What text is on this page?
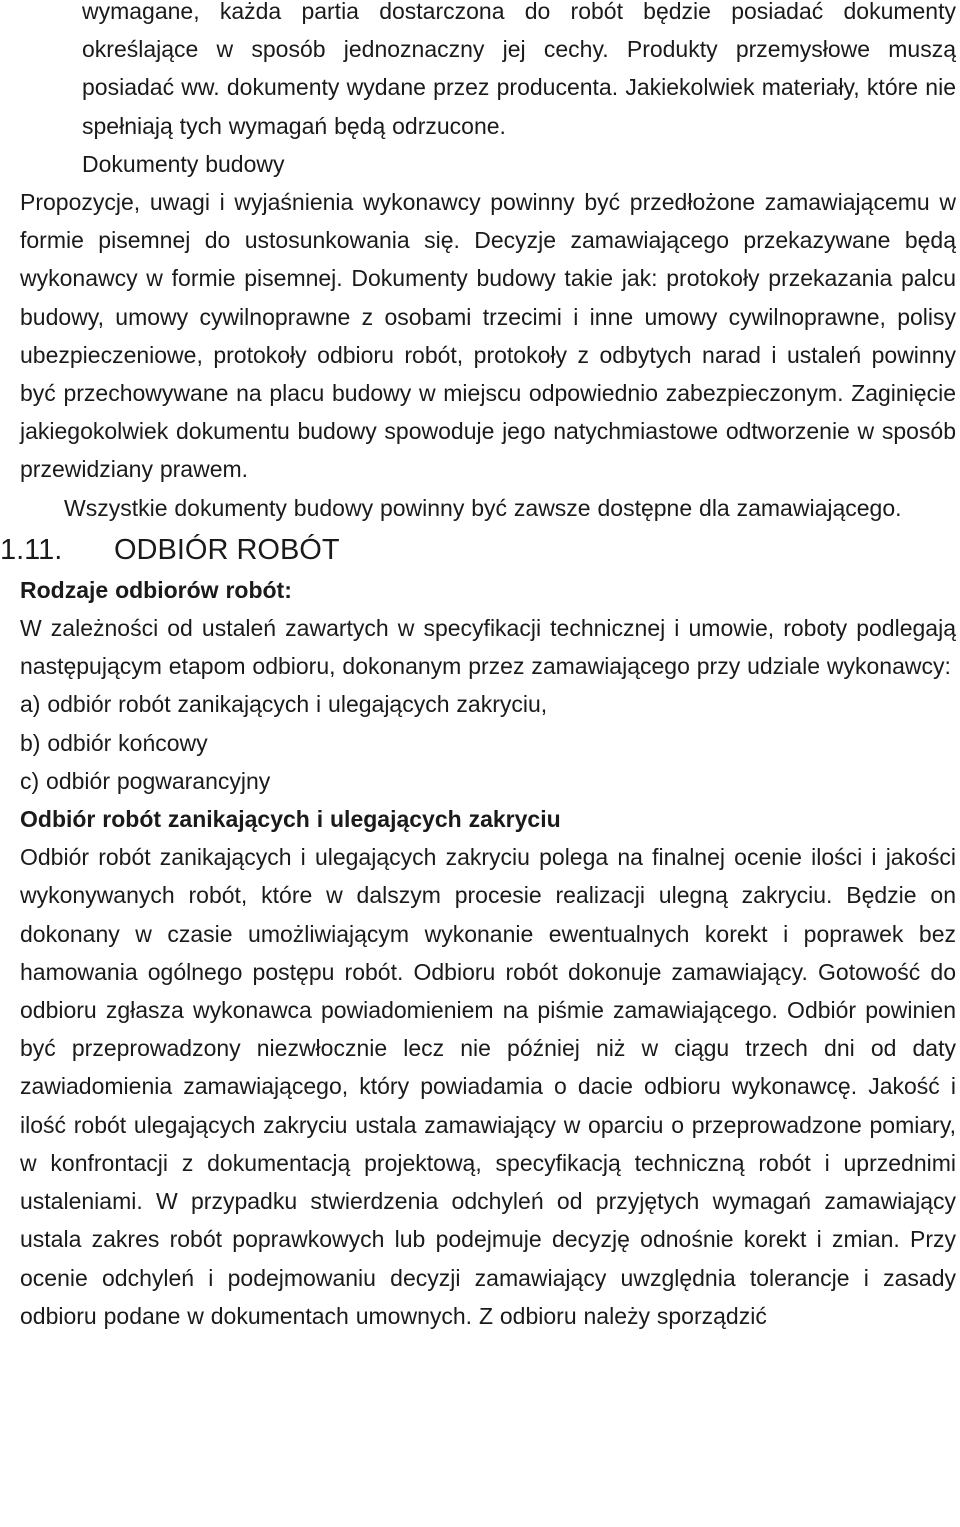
wymagane, każda partia dostarczona do robót będzie posiadać dokumenty określające w sposób jednoznaczny jej cechy. Produkty przemysłowe muszą posiadać ww. dokumenty wydane przez producenta. Jakiekolwiek materiały, które nie spełniają tych wymagań będą odrzucone.

Dokumenty budowy

Propozycje, uwagi i wyjaśnienia wykonawcy powinny być przedłożone zamawiającemu w formie pisemnej do ustosunkowania się. Decyzje zamawiającego przekazywane będą wykonawcy w formie pisemnej. Dokumenty budowy takie jak: protokoły przekazania palcu budowy, umowy cywilnoprawne z osobami trzecimi i inne umowy cywilnoprawne, polisy ubezpieczeniowe, protokoły odbioru robót, protokoły z odbytych narad i ustaleń powinny być przechowywane na placu budowy w miejscu odpowiednio zabezpieczonym. Zaginięcie jakiegokolwiek dokumentu budowy spowoduje jego natychmiastowe odtworzenie w sposób przewidziany prawem.

Wszystkie dokumenty budowy powinny być zawsze dostępne dla zamawiającego.

1.11.	ODBIÓR ROBÓT

Rodzaje odbiorów robót:

W zależności od ustaleń zawartych w specyfikacji technicznej i umowie, roboty podlegają następującym etapom odbioru, dokonanym przez zamawiającego przy udziale wykonawcy:

a) odbiór robót zanikających i ulegających zakryciu,

b) odbiór końcowy

c) odbiór pogwarancyjny

Odbiór robót zanikających i ulegających zakryciu

Odbiór robót zanikających i ulegających zakryciu polega na finalnej ocenie ilości i jakości wykonywanych robót, które w dalszym procesie realizacji ulegną zakryciu. Będzie on dokonany w czasie umożliwiającym wykonanie ewentualnych korekt i poprawek bez hamowania ogólnego postępu robót. Odbioru robót dokonuje zamawiający. Gotowość do odbioru zgłasza wykonawca powiadomieniem na piśmie zamawiającego. Odbiór powinien być przeprowadzony niezwłocznie lecz nie później niż w ciągu trzech dni od daty zawiadomienia zamawiającego, który powiadamia o dacie odbioru wykonawcę. Jakość i ilość robót ulegających zakryciu ustala zamawiający w oparciu o przeprowadzone pomiary, w konfrontacji z dokumentacją projektową, specyfikacją techniczną robót i uprzednimi ustaleniami. W przypadku stwierdzenia odchyleń od przyjętych wymagań zamawiający ustala zakres robót poprawkowych lub podejmuje decyzję odnośnie korekt i zmian. Przy ocenie odchyleń i podejmowaniu decyzji zamawiający uwzględnia tolerancje i zasady odbioru podane w dokumentach umownych. Z odbioru należy sporządzić
